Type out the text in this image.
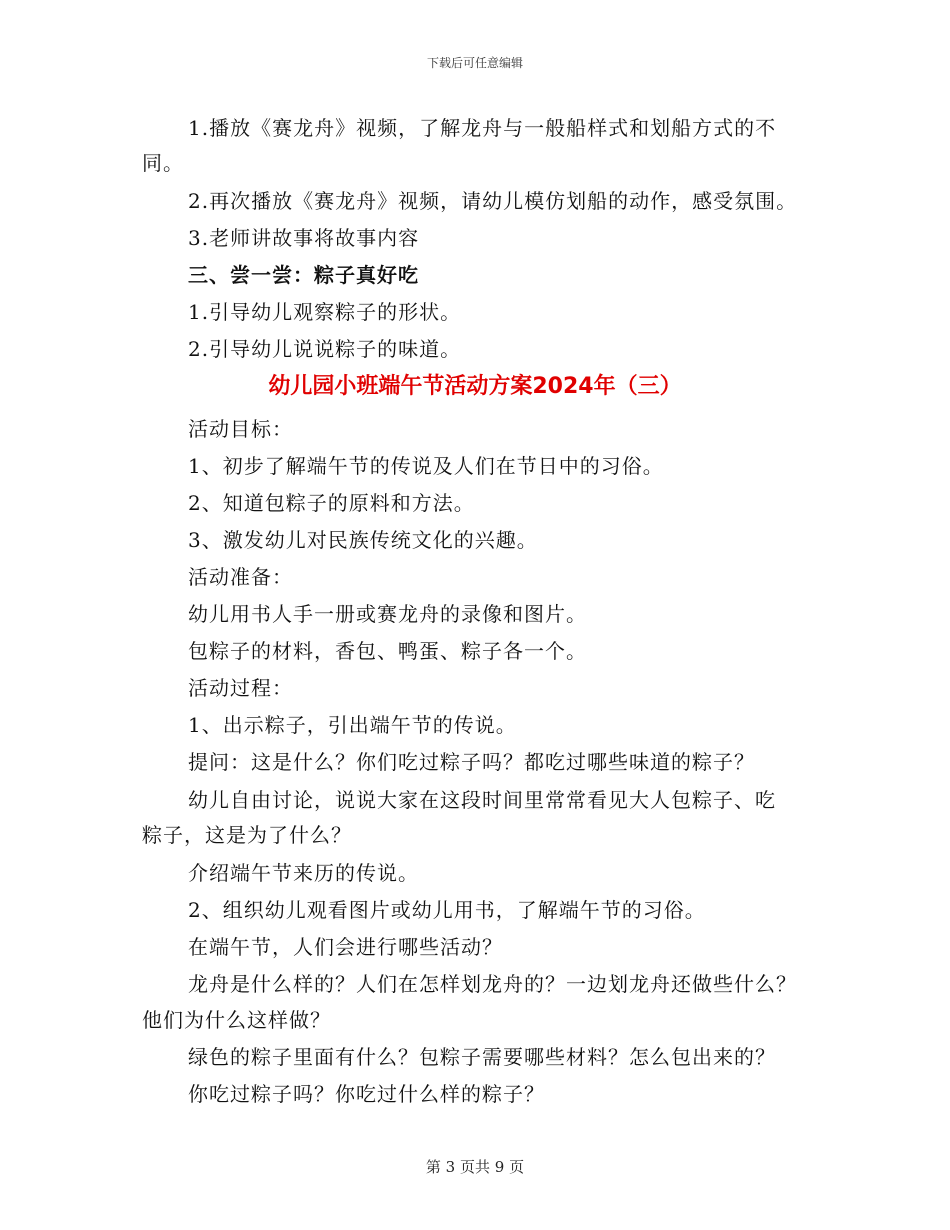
下载后可任意编辑
1.播放《赛龙舟》视频，了解龙舟与一般船样式和划船方式的不
同。
2.再次播放《赛龙舟》视频，请幼儿模仿划船的动作，感受氛围。
3.老师讲故事将故事内容
三、尝一尝：粽子真好吃
1.引导幼儿观察粽子的形状。
2.引导幼儿说说粽子的味道。
幼儿园小班端午节活动方案2024年（三）
活动目标：
1、初步了解端午节的传说及人们在节日中的习俗。
2、知道包粽子的原料和方法。
3、激发幼儿对民族传统文化的兴趣。
活动准备：
幼儿用书人手一册或赛龙舟的录像和图片。
包粽子的材料，香包、鸭蛋、粽子各一个。
活动过程：
1、出示粽子，引出端午节的传说。
提问：这是什么？你们吃过粽子吗？都吃过哪些味道的粽子？
幼儿自由讨论，说说大家在这段时间里常常看见大人包粽子、吃
粽子，这是为了什么？
介绍端午节来历的传说。
2、组织幼儿观看图片或幼儿用书，了解端午节的习俗。
在端午节，人们会进行哪些活动？
龙舟是什么样的？人们在怎样划龙舟的？一边划龙舟还做些什么？
他们为什么这样做？
绿色的粽子里面有什么？包粽子需要哪些材料？怎么包出来的？
你吃过粽子吗？你吃过什么样的粽子？
第 3 页共 9 页
